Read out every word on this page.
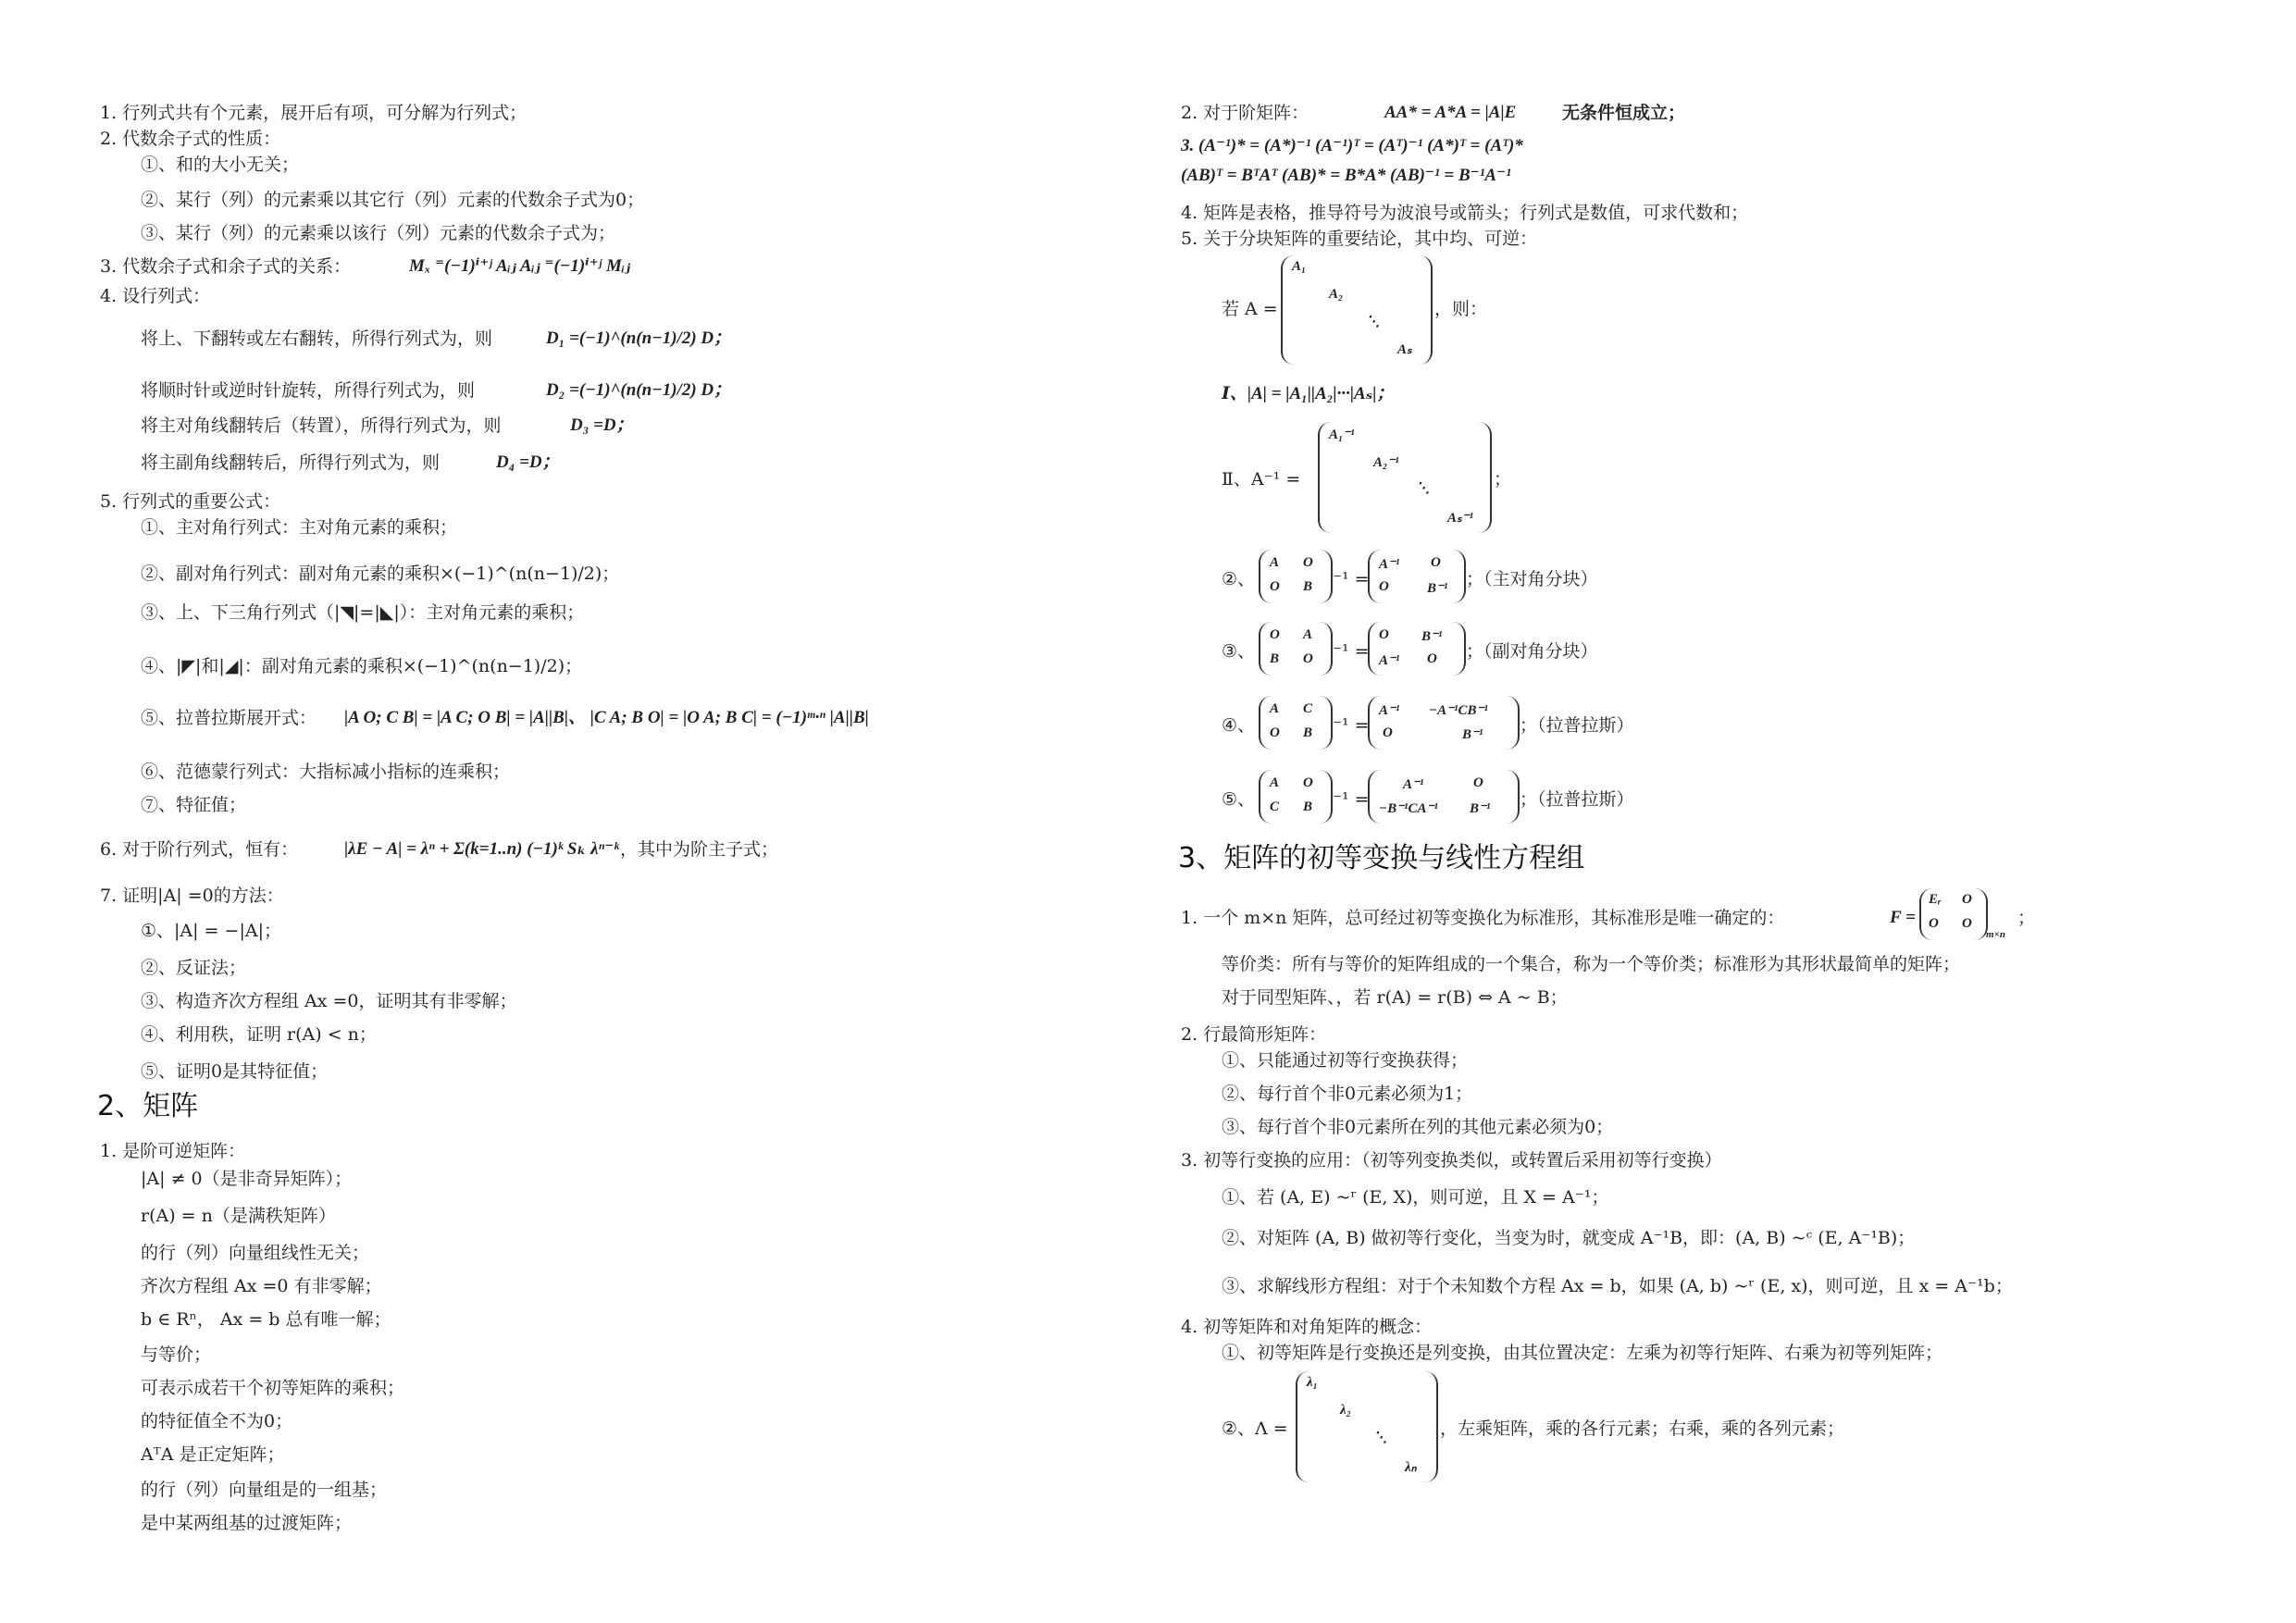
1. 行列式共有个元素，展开后有项，可分解为行列式；
2. 代数余子式的性质：
①、和的大小无关；
②、某行（列）的元素乘以其它行（列）元素的代数余子式为0；
③、某行（列）的元素乘以该行（列）元素的代数余子式为；
3. 代数余子式和余子式的关系：	Mₓ ⁼(−1)ⁱ⁺ʲ Aᵢⱼ Aᵢⱼ ⁼(−1)ⁱ⁺ʲ Mᵢⱼ
4. 设行列式：
将上、下翻转或左右翻转，所得行列式为，则	D₁ =(−1)^(n(n−1)/2) D；
将顺时针或逆时针旋转，所得行列式为，则	D₂ =(−1)^(n(n−1)/2) D；
将主对角线翻转后（转置），所得行列式为，则	D₃ =D；
将主副角线翻转后，所得行列式为，则	D₄ =D；
5. 行列式的重要公式：
①、主对角行列式：主对角元素的乘积；
②、副对角行列式：副对角元素的乘积×(−1)^(n(n−1)/2)；
③、上、下三角行列式（|◥|=|◣|）：主对角元素的乘积；
④、|◤|和|◢|：副对角元素的乘积×(−1)^(n(n−1)/2)；
⑤、拉普拉斯展开式： |A O; C B| = |A C; O B| = |A||B|、 |C A; B O| = |O A; B C| = (−1)ᵐ·ⁿ |A||B|
⑥、范德蒙行列式：大指标减小指标的连乘积；
⑦、特征值；
6. 对于阶行列式，恒有：	|λE − A| = λⁿ + Σ(k=1..n) (−1)ᵏ Sₖ λⁿ⁻ᵏ ，其中为阶主子式；
7. 证明|A| =0的方法：
①、|A| = −|A|；
②、反证法；
③、构造齐次方程组 Ax =0，证明其有非零解；
④、利用秩，证明 r(A) < n；
⑤、证明0是其特征值；
2、矩阵
1. 是阶可逆矩阵：
|A| ≠ 0（是非奇异矩阵）；
r(A) = n（是满秩矩阵）
的行（列）向量组线性无关；
齐次方程组 Ax =0 有非零解；
b ∈ Rⁿ， Ax = b 总有唯一解；
与等价；
可表示成若干个初等矩阵的乘积；
的特征值全不为0；
AᵀA 是正定矩阵；
的行（列）向量组是的一组基；
是中某两组基的过渡矩阵；
2. 对于阶矩阵：	AA* = A*A = |A|E	无条件恒成立；
3. (A⁻¹)* = (A*)⁻¹ (A⁻¹)ᵀ = (Aᵀ)⁻¹ (A*)ᵀ = (Aᵀ)*
(AB)ᵀ = BᵀAᵀ (AB)* = B*A* (AB)⁻¹ = B⁻¹A⁻¹
4. 矩阵是表格，推导符号为波浪号或箭头；行列式是数值，可求代数和；
5. 关于分块矩阵的重要结论，其中均、可逆：
若 A =
A₁
A₂
⋱
Aₛ
，则：
Ⅰ、|A| = |A₁||A₂|···|Aₛ|；
Ⅱ、A⁻¹ =
A₁⁻¹
A₂⁻¹
⋱
Aₛ⁻¹
；
②、
A O
O B ⁻¹ =
A⁻¹ O
O	B⁻¹ ；（主对角分块）
③、
O A
B O ⁻¹ =
O B⁻¹
A⁻¹ O ；（副对角分块）
④、
A C
O B ⁻¹ =
A⁻¹ −A⁻¹CB⁻¹
O	B⁻¹ ；（拉普拉斯）
⑤、
A O
C B ⁻¹ =
A⁻¹	O
−B⁻¹CA⁻¹ B⁻¹ ；（拉普拉斯）
3、矩阵的初等变换与线性方程组
1. 一个 m×n 矩阵，总可经过初等变换化为标准形，其标准形是唯一确定的：	F =
Eᵣ O
O O
m×n
；
等价类：所有与等价的矩阵组成的一个集合，称为一个等价类；标准形为其形状最简单的矩阵；
对于同型矩阵、，若 r(A) = r(B) ⇔ A ~ B；
2. 行最简形矩阵：
①、只能通过初等行变换获得；
②、每行首个非0元素必须为1；
③、每行首个非0元素所在列的其他元素必须为0；
3. 初等行变换的应用：（初等列变换类似，或转置后采用初等行变换）
①、若 (A, E) ~ʳ (E, X)，则可逆，且 X = A⁻¹；
②、对矩阵 (A, B) 做初等行变化，当变为时，就变成 A⁻¹B，即：(A, B) ~ᶜ (E, A⁻¹B)；
③、求解线形方程组：对于个未知数个方程 Ax = b，如果 (A, b) ~ʳ (E, x)，则可逆，且 x = A⁻¹b；
4. 初等矩阵和对角矩阵的概念：
①、初等矩阵是行变换还是列变换，由其位置决定：左乘为初等行矩阵、右乘为初等列矩阵；
②、Λ =
λ₁
λ₂
⋱
λₙ
，左乘矩阵，乘的各行元素；右乘，乘的各列元素；
